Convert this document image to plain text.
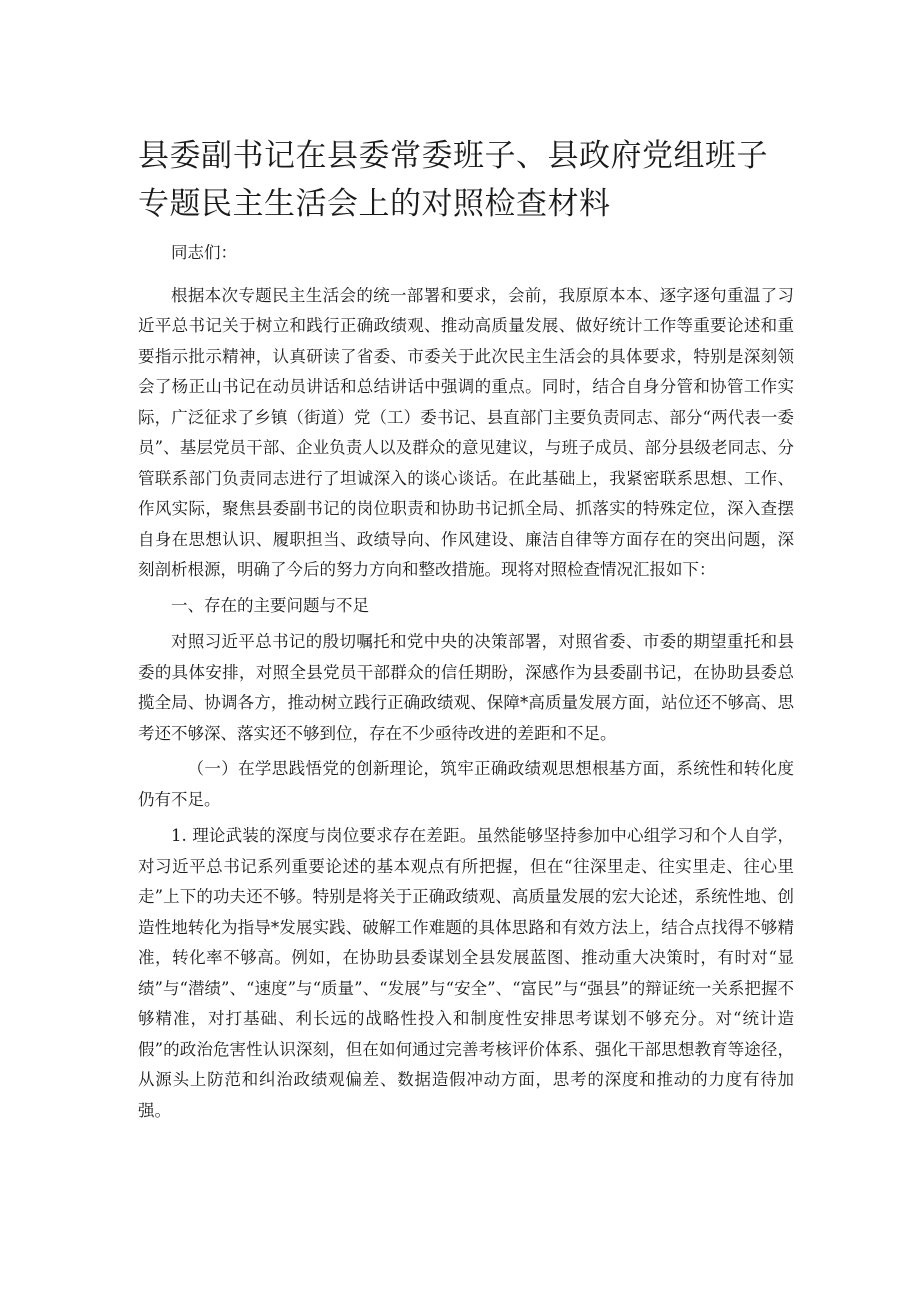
县委副书记在县委常委班子、县政府党组班子专题民主生活会上的对照检查材料

同志们：

根据本次专题民主生活会的统一部署和要求，会前，我原原本本、逐字逐句重温了习近平总书记关于树立和践行正确政绩观、推动高质量发展、做好统计工作等重要论述和重要指示批示精神，认真研读了省委、市委关于此次民主生活会的具体要求，特别是深刻领会了杨正山书记在动员讲话和总结讲话中强调的重点。同时，结合自身分管和协管工作实际，广泛征求了乡镇（街道）党（工）委书记、县直部门主要负责同志、部分“两代表一委员”、基层党员干部、企业负责人以及群众的意见建议，与班子成员、部分县级老同志、分管联系部门负责同志进行了坦诚深入的谈心谈话。在此基础上，我紧密联系思想、工作、作风实际，聚焦县委副书记的岗位职责和协助书记抓全局、抓落实的特殊定位，深入查摆自身在思想认识、履职担当、政绩导向、作风建设、廉洁自律等方面存在的突出问题，深刻剖析根源，明确了今后的努力方向和整改措施。现将对照检查情况汇报如下：

一、存在的主要问题与不足

对照习近平总书记的殷切嘱托和党中央的决策部署，对照省委、市委的期望重托和县委的具体安排，对照全县党员干部群众的信任期盼，深感作为县委副书记，在协助县委总揽全局、协调各方，推动树立践行正确政绩观、保障*高质量发展方面，站位还不够高、思考还不够深、落实还不够到位，存在不少亟待改进的差距和不足。

（一）在学思践悟党的创新理论，筑牢正确政绩观思想根基方面，系统性和转化度仍有不足。

1. 理论武装的深度与岗位要求存在差距。虽然能够坚持参加中心组学习和个人自学，对习近平总书记系列重要论述的基本观点有所把握，但在“往深里走、往实里走、往心里走”上下的功夫还不够。特别是将关于正确政绩观、高质量发展的宏大论述，系统性地、创造性地转化为指导*发展实践、破解工作难题的具体思路和有效方法上，结合点找得不够精准，转化率不够高。例如，在协助县委谋划全县发展蓝图、推动重大决策时，有时对“显绩”与“潜绩”、“速度”与“质量”、“发展”与“安全”、“富民”与“强县”的辩证统一关系把握不够精准，对打基础、利长远的战略性投入和制度性安排思考谋划不够充分。对“统计造假”的政治危害性认识深刻，但在如何通过完善考核评价体系、强化干部思想教育等途径，从源头上防范和纠治政绩观偏差、数据造假冲动方面，思考的深度和推动的力度有待加强。
